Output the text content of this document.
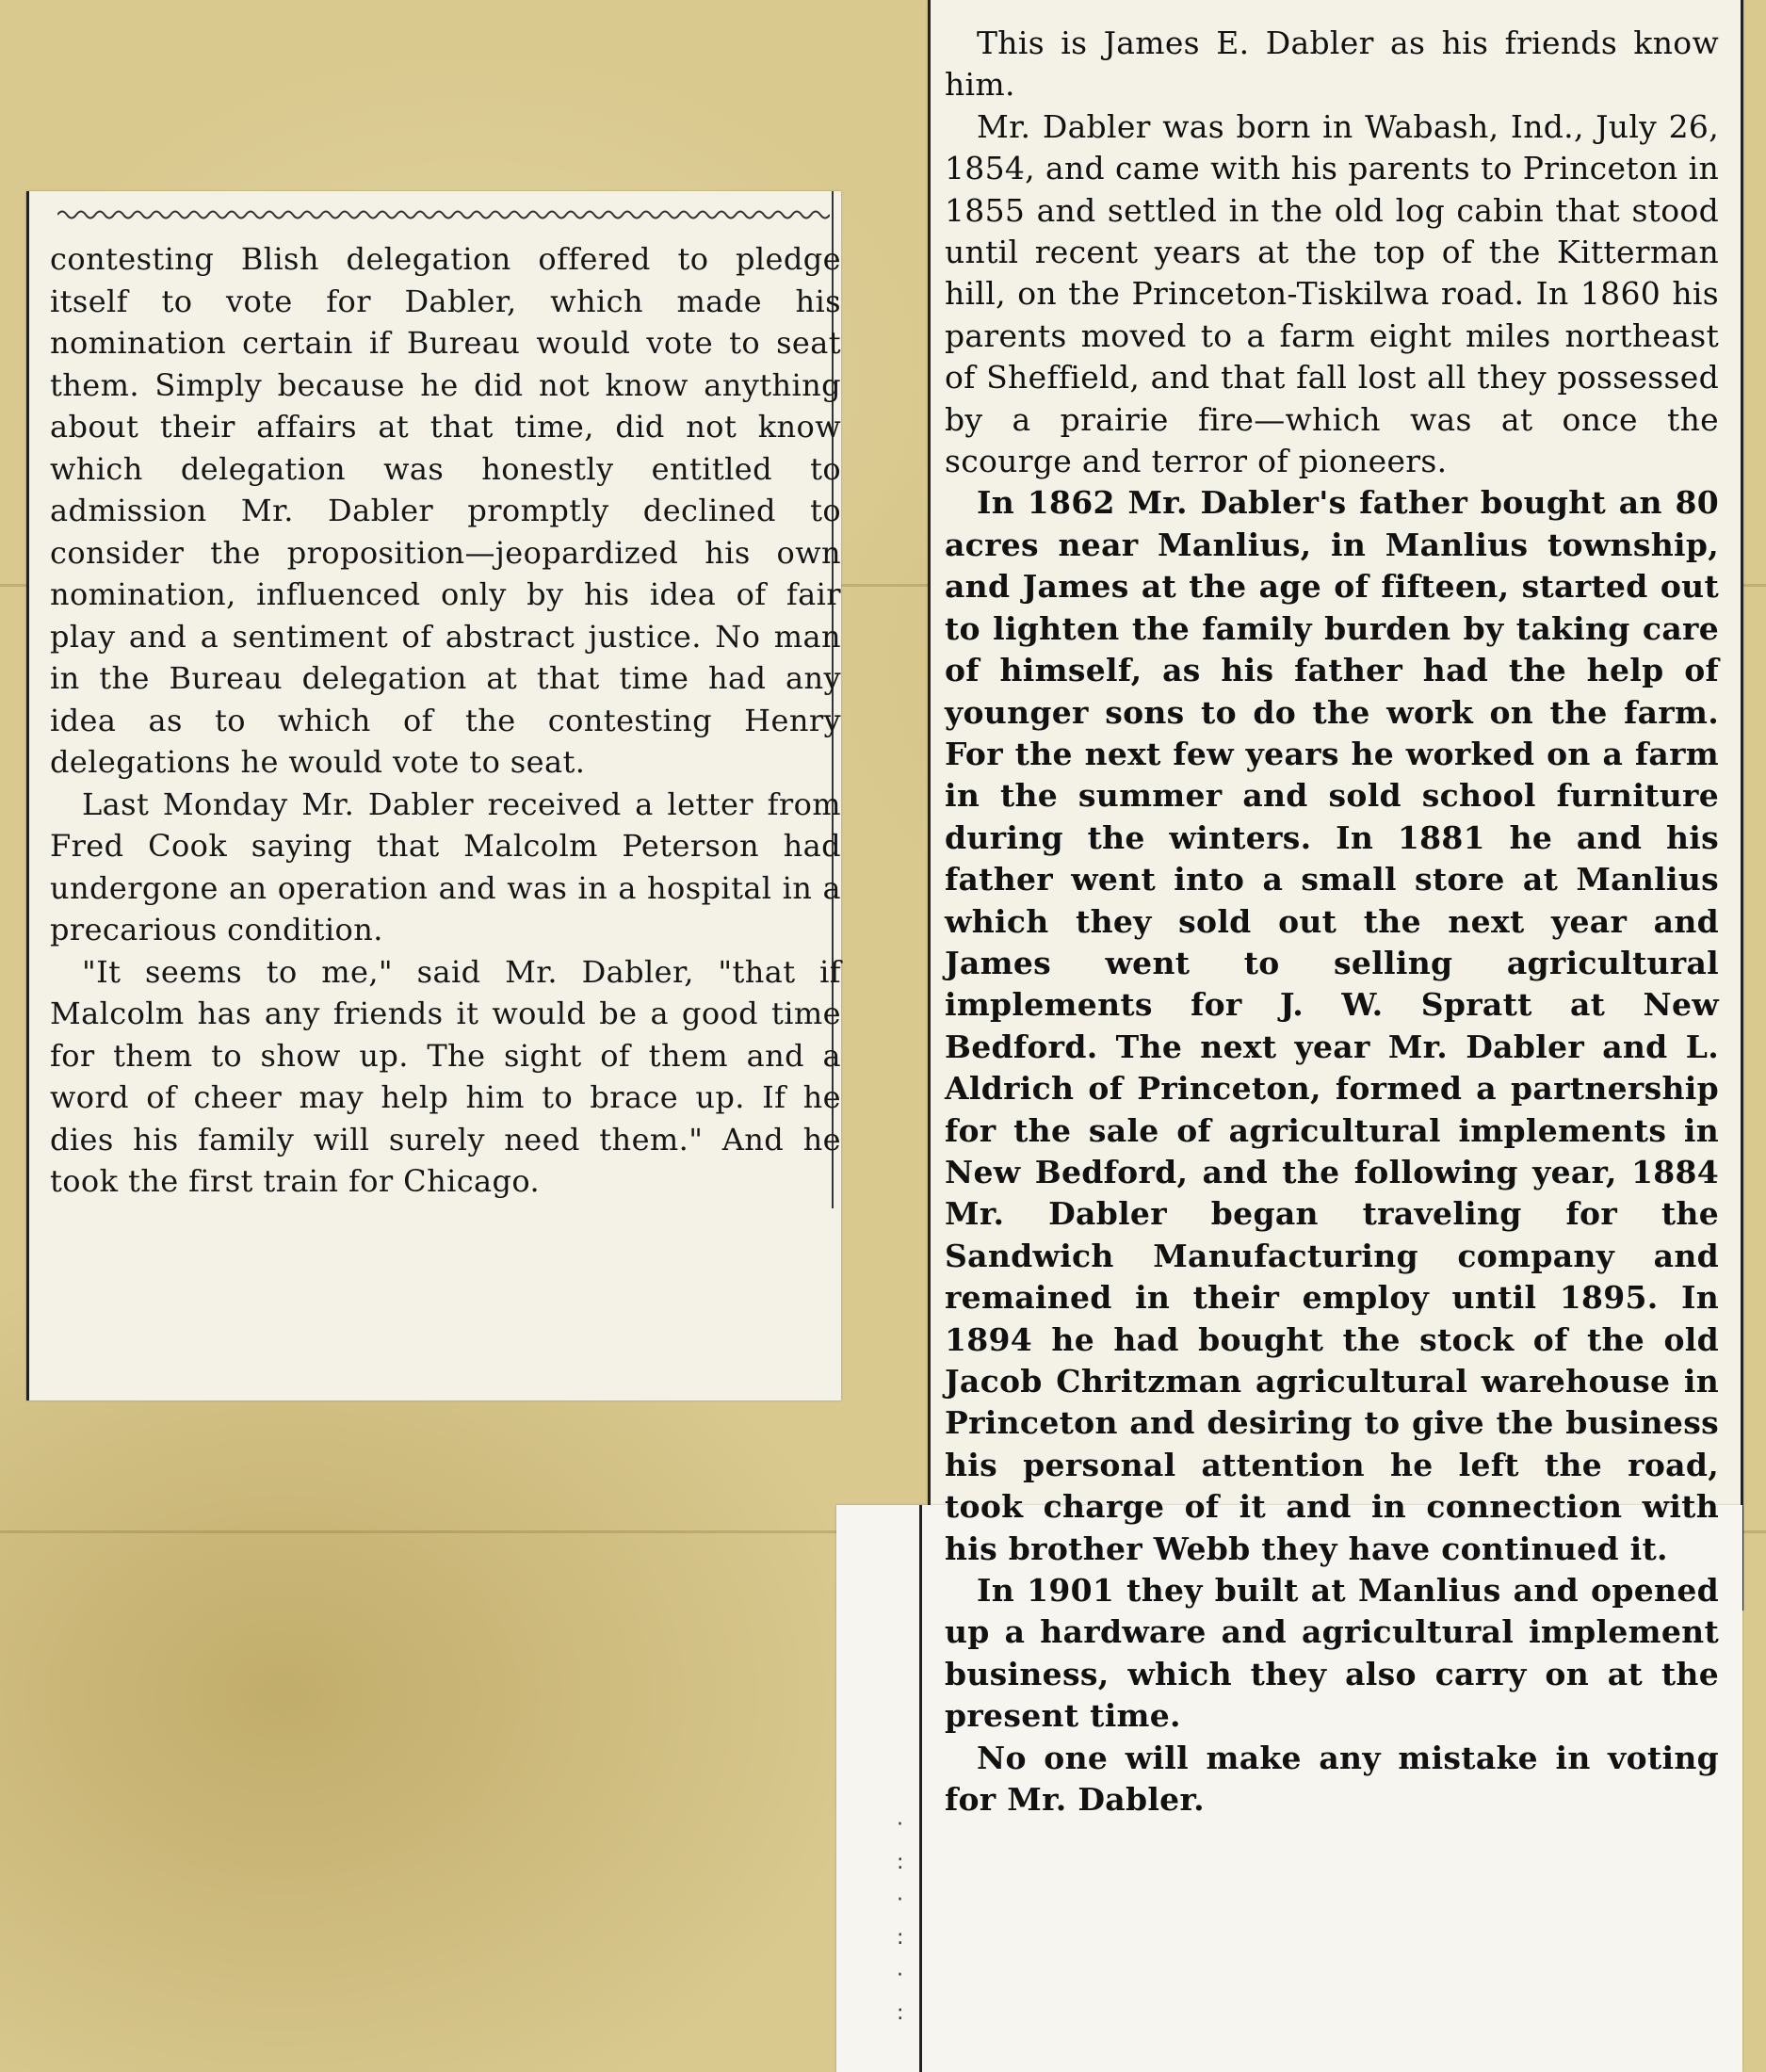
contesting Blish delegation offered to pledge itself to vote for Dabler, which made his nomination certain if Bureau would vote to seat them. Simply because he did not know anything about their affairs at that time, did not know which delegation was honestly entitled to admission Mr. Dabler promptly declined to consider the proposition—jeopardized his own nomination, influenced only by his idea of fair play and a sentiment of abstract justice. No man in the Bureau delegation at that time had any idea as to which of the contesting Henry delegations he would vote to seat.

Last Monday Mr. Dabler received a letter from Fred Cook saying that Malcolm Peterson had undergone an operation and was in a hospital in a precarious condition.

"It seems to me," said Mr. Dabler, "that if Malcolm has any friends it would be a good time for them to show up. The sight of them and a word of cheer may help him to brace up. If he dies his family will surely need them." And he took the first train for Chicago.

·
:
·
:
·
:

This is James E. Dabler as his friends know him.

Mr. Dabler was born in Wabash, Ind., July 26, 1854, and came with his parents to Princeton in 1855 and settled in the old log cabin that stood until recent years at the top of the Kitterman hill, on the Princeton-Tiskilwa road. In 1860 his parents moved to a farm eight miles northeast of Sheffield, and that fall lost all they possessed by a prairie fire—which was at once the scourge and terror of pioneers.

In 1862 Mr. Dabler's father bought an 80 acres near Manlius, in Manlius township, and James at the age of fifteen, started out to lighten the family burden by taking care of himself, as his father had the help of younger sons to do the work on the farm. For the next few years he worked on a farm in the summer and sold school furniture during the winters. In 1881 he and his father went into a small store at Manlius which they sold out the next year and James went to selling agricultural implements for J. W. Spratt at New Bedford. The next year Mr. Dabler and L. Aldrich of Princeton, formed a partnership for the sale of agricultural implements in New Bedford, and the following year, 1884 Mr. Dabler began traveling for the Sandwich Manufacturing company and remained in their employ until 1895. In 1894 he had bought the stock of the old Jacob Chritzman agricultural warehouse in Princeton and desiring to give the business his personal attention he left the road, took charge of it and in connection with his brother Webb they have continued it.

In 1901 they built at Manlius and opened up a hardware and agricultural implement business, which they also carry on at the present time.

No one will make any mistake in voting for Mr. Dabler.
